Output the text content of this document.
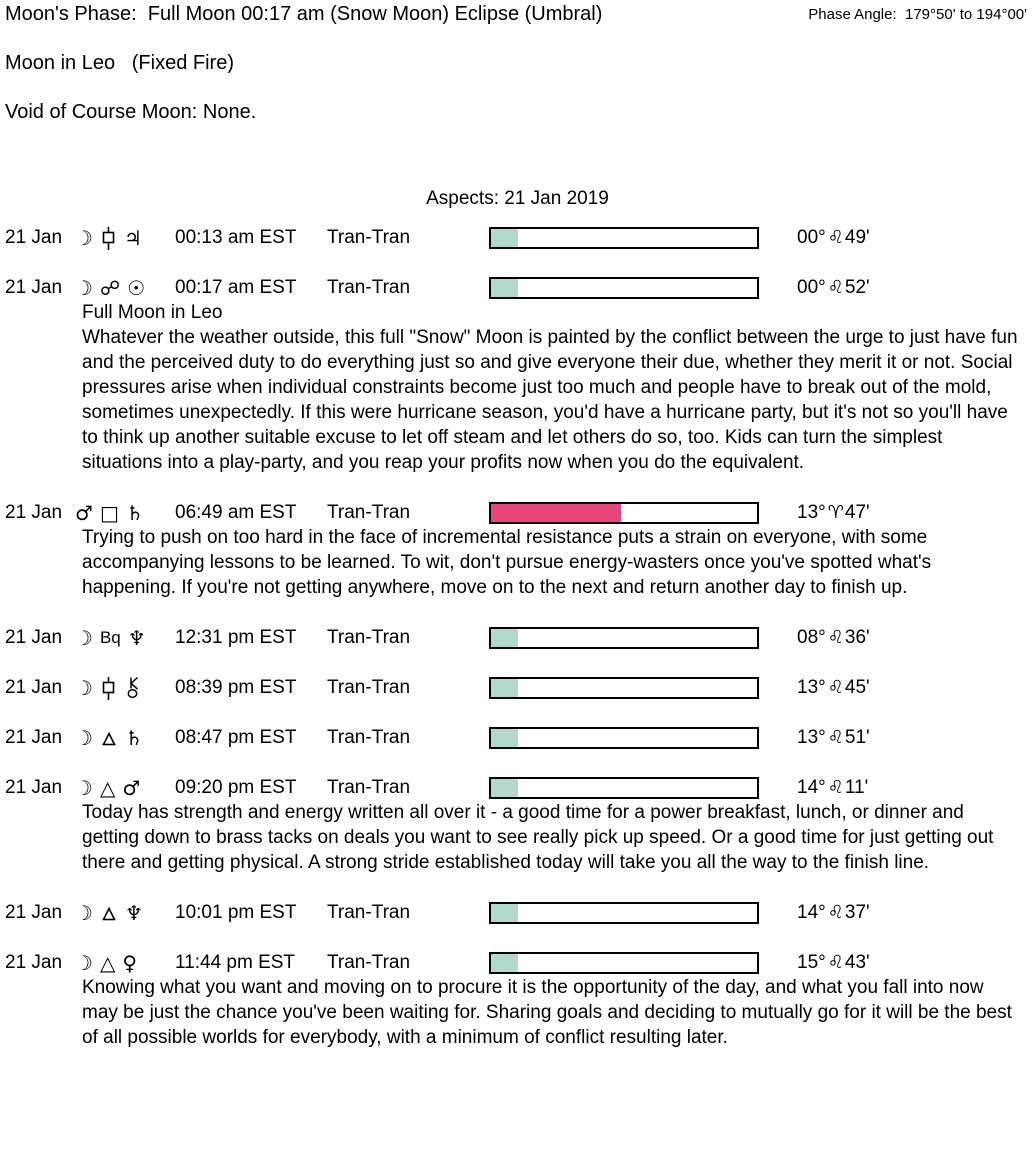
Phase Angle: 179°50' to 194°00'
Moon's Phase:  Full Moon 00:17 am (Snow Moon) Eclipse (Umbral)
Moon in Leo   (Fixed Fire)
Void of Course Moon: None.
Aspects: 21 Jan 2019
21 Jan ☽ ♃ 00:13 am EST	Tran-Tran	00° ♌49'
21 Jan ☽ ☍ ☉ 00:17 am EST	Tran-Tran	00° ♌52'
Full Moon in Leo
Whatever the weather outside, this full "Snow" Moon is painted by the conflict between the urge to just have fun and the perceived duty to do everything just so and give everyone their due, whether they merit it or not. Social pressures arise when individual constraints become just too much and people have to break out of the mold, sometimes unexpectedly. If this were hurricane season, you'd have a hurricane party, but it's not so you'll have to think up another suitable excuse to let off steam and let others do so, too. Kids can turn the simplest situations into a play-party, and you reap your profits now when you do the equivalent.
21 Jan ♂ □ ♄ 06:49 am EST	Tran-Tran	13° ♈47'
Trying to push on too hard in the face of incremental resistance puts a strain on everyone, with some accompanying lessons to be learned. To wit, don't pursue energy-wasters once you've spotted what's happening. If you're not getting anywhere, move on to the next and return another day to finish up.
21 Jan ☽ Bq ♆ 12:31 pm EST	Tran-Tran	08° ♌36'
21 Jan ☽	08:39 pm EST	Tran-Tran	13° ♌45'
21 Jan ☽ ♄ 08:47 pm EST	Tran-Tran	13° ♌51'
21 Jan ☽ △ ♂ 09:20 pm EST	Tran-Tran	14° ♌11'
Today has strength and energy written all over it - a good time for a power breakfast, lunch, or dinner and getting down to brass tacks on deals you want to see really pick up speed. Or a good time for just getting out there and getting physical. A strong stride established today will take you all the way to the finish line.
21 Jan ☽ ♆ 10:01 pm EST	Tran-Tran	14° ♌37'
21 Jan ☽ △ ♀ 11:44 pm EST	Tran-Tran	15° ♌43'
Knowing what you want and moving on to procure it is the opportunity of the day, and what you fall into now may be just the chance you've been waiting for. Sharing goals and deciding to mutually go for it will be the best of all possible worlds for everybody, with a minimum of conflict resulting later.
